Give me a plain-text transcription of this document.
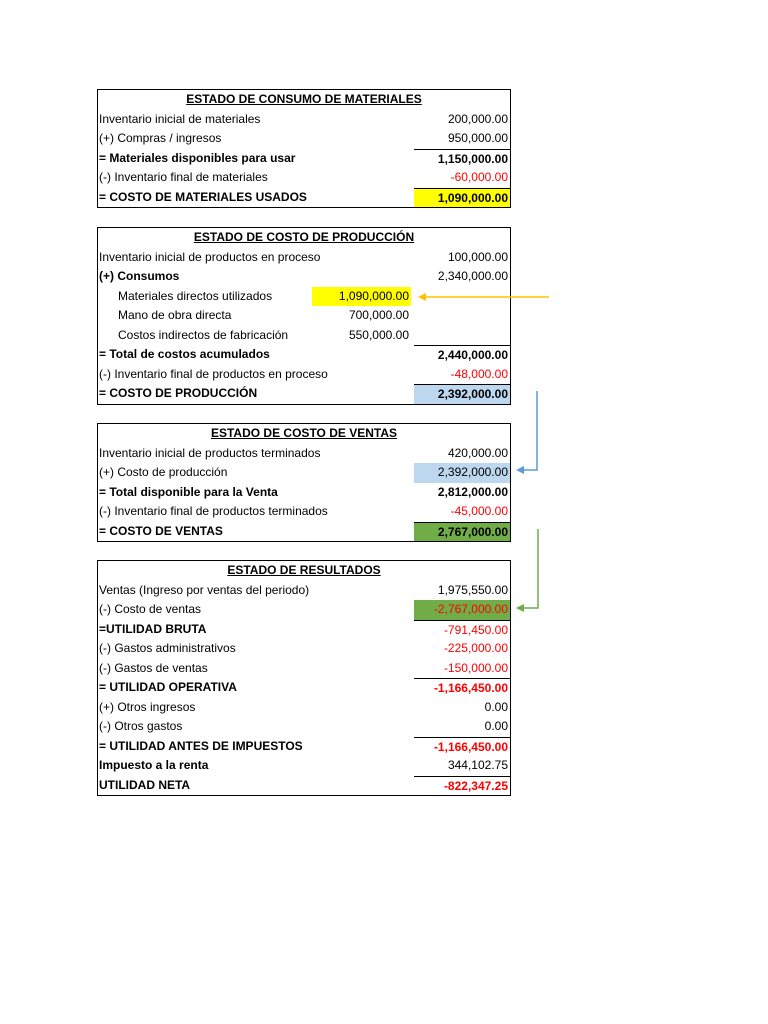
ESTADO DE CONSUMO DE MATERIALES
Inventario inicial de materiales	200,000.00
(+) Compras / ingresos	950,000.00
= Materiales disponibles para usar	1,150,000.00
(-) Inventario final de materiales	-60,000.00
= COSTO DE MATERIALES USADOS	1,090,000.00
ESTADO DE COSTO DE PRODUCCIÓN
Inventario inicial de productos en proceso	100,000.00
(+) Consumos	2,340,000.00
Materiales directos utilizados	1,090,000.00
Mano de obra directa	700,000.00
Costos indirectos de fabricación	550,000.00
= Total de costos acumulados	2,440,000.00
(-) Inventario final de productos en proceso	-48,000.00
= COSTO DE PRODUCCIÓN	2,392,000.00
ESTADO DE COSTO DE VENTAS
Inventario inicial de productos terminados	420,000.00
(+) Costo de producción	2,392,000.00
= Total disponible para la Venta	2,812,000.00
(-) Inventario final de productos terminados	-45,000.00
= COSTO DE VENTAS	2,767,000.00
ESTADO DE RESULTADOS
Ventas (Ingreso por ventas del periodo)	1,975,550.00
(-) Costo de ventas	-2,767,000.00
=UTILIDAD BRUTA	-791,450.00
(-) Gastos administrativos	-225,000.00
(-) Gastos de ventas	-150,000.00
= UTILIDAD OPERATIVA	-1,166,450.00
(+) Otros ingresos	0.00
(-) Otros gastos	0.00
= UTILIDAD ANTES DE IMPUESTOS	-1,166,450.00
Impuesto a la renta	344,102.75
UTILIDAD NETA	-822,347.25
